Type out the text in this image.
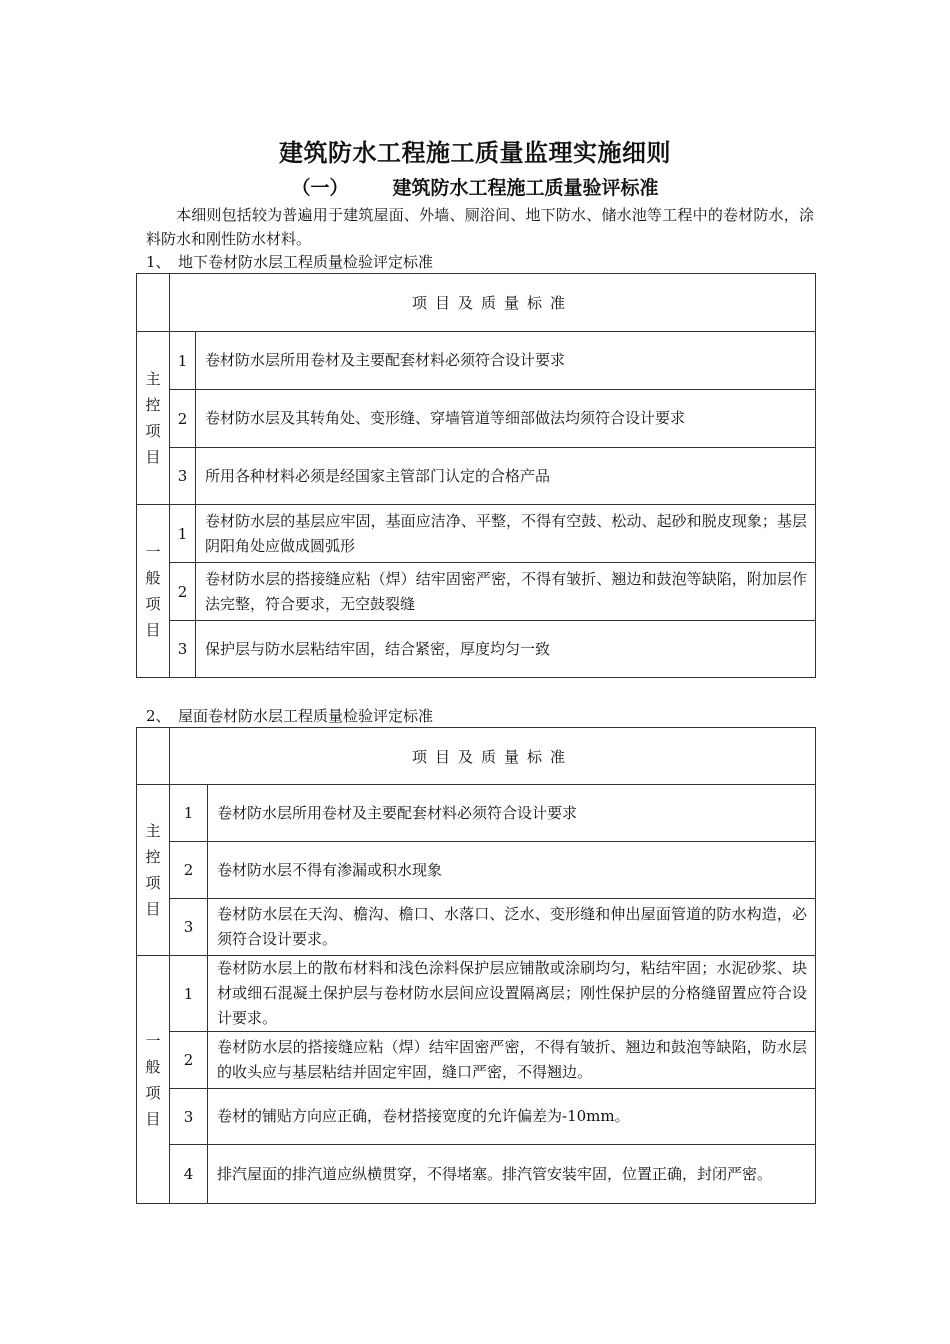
建筑防水工程施工质量监理实施细则
（一） 建筑防水工程施工质量验评标准
本细则包括较为普遍用于建筑屋面、外墙、厕浴间、地下防水、储水池等工程中的卷材防水，涂料防水和刚性防水材料。
1、 地下卷材防水层工程质量检验评定标准
	项目及质量标准	
主控项目	1	卷材防水层所用卷材及主要配套材料必须符合设计要求
	2	卷材防水层及其转角处、变形缝、穿墙管道等细部做法均须符合设计要求
	3	所用各种材料必须是经国家主管部门认定的合格产品
一般项目	1	卷材防水层的基层应牢固，基面应洁净、平整，不得有空鼓、松动、起砂和脱皮现象；基层阴阳角处应做成圆弧形
	2	卷材防水层的搭接缝应粘（焊）结牢固密严密，不得有皱折、翘边和鼓泡等缺陷，附加层作法完整，符合要求，无空鼓裂缝
	3	保护层与防水层粘结牢固，结合紧密，厚度均匀一致
2、 屋面卷材防水层工程质量检验评定标准
	项目及质量标准	
主控项目	1	卷材防水层所用卷材及主要配套材料必须符合设计要求
	2	卷材防水层不得有渗漏或积水现象
	3	卷材防水层在天沟、檐沟、檐口、水落口、泛水、变形缝和伸出屋面管道的防水构造，必须符合设计要求。
一般项目	1	卷材防水层上的散布材料和浅色涂料保护层应铺散或涂刷均匀，粘结牢固；水泥砂浆、块材或细石混凝土保护层与卷材防水层间应设置隔离层；刚性保护层的分格缝留置应符合设计要求。
	2	卷材防水层的搭接缝应粘（焊）结牢固密严密，不得有皱折、翘边和鼓泡等缺陷，防水层的收头应与基层粘结并固定牢固，缝口严密，不得翘边。
	3	卷材的铺贴方向应正确，卷材搭接宽度的允许偏差为-10mm。
	4	排汽屋面的排汽道应纵横贯穿，不得堵塞。排汽管安装牢固，位置正确，封闭严密。
